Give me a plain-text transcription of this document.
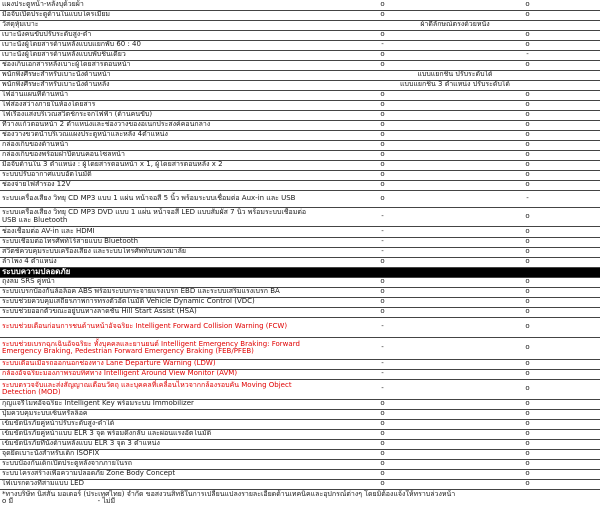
แผงประตูหน้า-หลังบุด้วยผ้า	o	o
มือจับเปิดประตูด้านในแบบโครเมียม	o	o
วัสดุหุ้มเบาะ	ผ้าดีลักษณ์ตรงด้วยหนัง	
เบาะนั่งคนขับปรับระดับสูง-ต่ำ	o	o
เบาะนั่งผู้โดยสารด้านหลังแบบแยกพับ 60 : 40	-	o
เบาะนั่งผู้โดยสารด้านหลังแบบพับชิ้นเดียว	o	-
ช่องเก็บเอกสารหลังเบาะผู้โดยสารตอนหน้า	o	o
พนักพิงศีรษะสำหรับเบาะนั่งด้านหน้า	แบบแยกชิ้น ปรับระดับได้	
พนักพิงศีรษะสำหรับเบาะนั่งด้านหลัง	แบบแยกชิ้น 3 ตำแหน่ง ปรับระดับได้	
ไฟอ่านแผนที่ด้านหน้า	o	o
ไฟส่องสว่างภายในห้องโดยสาร	o	o
ไฟเรืองแสงบริเวณสวิตช์กระจกไฟฟ้า (ด้านคนขับ)	o	o
ที่วางแก้วตอนหน้า 2 ตำแหน่งและช่องวางของอเนกประสงค์คอนกลาง	o	o
ช่องวางขวดน้ำบริเวณแผงประตูหน้าและหลัง 4ตำแหน่ง	o	o
กล่องเก็บของด้านหน้า	o	o
กล่องเก็บของพร้อมฝาปิดบนคอนโซลหน้า	o	o
มือจับด้านใน 3 ตำแหน่ง : ผู้โดยสารตอนหน้า x 1, ผู้โดยสารตอนหลัง x 2	o	o
ระบบปรับอากาศแบบอัตโนมัติ	o	o
ช่องจ่ายไฟสำรอง 12V	o	o
ระบบเครื่องเสียง วิทยุ CD MP3 แบบ 1 แผ่น หน้าจอสี 5 นิ้ว พร้อมระบบเชื่อมต่อ Aux-in และ USB	o	-
ระบบเครื่องเสียง วิทยุ CD MP3 DVD แบบ 1 แผ่น หน้าจอสี LED แบบสัมผัส 7 นิ้ว พร้อมระบบเชื่อมต่อ USB และ Bluetooth	-	o
ช่องเชื่อมต่อ AV-in และ HDMI	-	o
ระบบเชื่อมต่อโทรศัพท์ไร้สายแบบ Bluetooth	-	o
สวิตช์ควบคุมระบบเครื่องเสียง และระบบโทรศัพท์บนพวงมาลัย	-	o
ลำโพง 4 ตำแหน่ง	o	o
ระบบความปลอดภัย		
ถุงลม SRS คู่หน้า	o	o
ระบบเบรกป้องกันล้อล็อค ABS พร้อมระบบกระจายแรงเบรก EBD และระบบเสริมแรงเบรก BA	o	o
ระบบช่วยควบคุมเสถียรภาพการทรงตัวอัตโนมัติ Vehicle Dynamic Control (VDC)	o	o
ระบบช่วยออกตัวขณะอยู่บนทางลาดชัน Hill Start Assist (HSA)	o	o
ระบบช่วยเตือนก่อนการชนด้านหน้าอัจฉริยะ Intelligent Forward Collision Warning (FCW)	-	o
ระบบช่วยเบรกฉุกเฉินอัจฉริยะ ทั้งบุคคลและยานยนต์ Intelligent Emergency Braking: Forward Emergency Braking, Pedestrian Forward Emergency Braking (FEB/PFEB)	-	o
ระบบเตือนเมื่อรถออกนอกช่องทาง Lane Departure Warning (LDW)	-	o
กล้องอัจฉริยะมองภาพรอบทิศทาง Intelligent Around View Monitor (AVM)	-	o
ระบบตรวจจับและส่งสัญญาณเตือนวัตถุ และบุคคลที่เคลื่อนไหวจากกล้องรอบคัน Moving Object Detection (MOD)	-	o
กุญแจรีโมทอัจฉริยะ Intelligent Key พร้อมระบบ Immobilizer	o	o
ปุ่มควบคุมระบบเซ็นทรัลล็อค	o	o
เข็มขัดนิรภัยคู่หน้าปรับระดับสูง-ต่ำได้	o	o
เข็มขัดนิรภัยคู่หน้าแบบ ELR 3 จุด พร้อมดึงกลับ และผ่อนแรงอัตโนมัติ	o	o
เข็มขัดนิรภัยที่นั่งด้านหลังแบบ ELR 3 จุด 3 ตำแหน่ง	o	o
จุดยึดเบาะนั่งสำหรับเด็ก ISOFIX	o	o
ระบบป้องกันเด็กเปิดประตูหลังจากภายในรถ	o	o
ระบบโครงสร้างเพื่อความปลอดภัย Zone Body Concept	o	o
ไฟเบรกดวงที่สามแบบ LED	o	o
*ทางบริษัท นิสสัน มอเตอร์ (ประเทศไทย) จำกัด ขอสงวนสิทธิในการเปลี่ยนแปลงรายละเอียดด้านเทคนิคและอุปกรณ์ต่างๆ โดยมิต้องแจ้งให้ทราบล่วงหน้า
o มี	- ไม่มี
